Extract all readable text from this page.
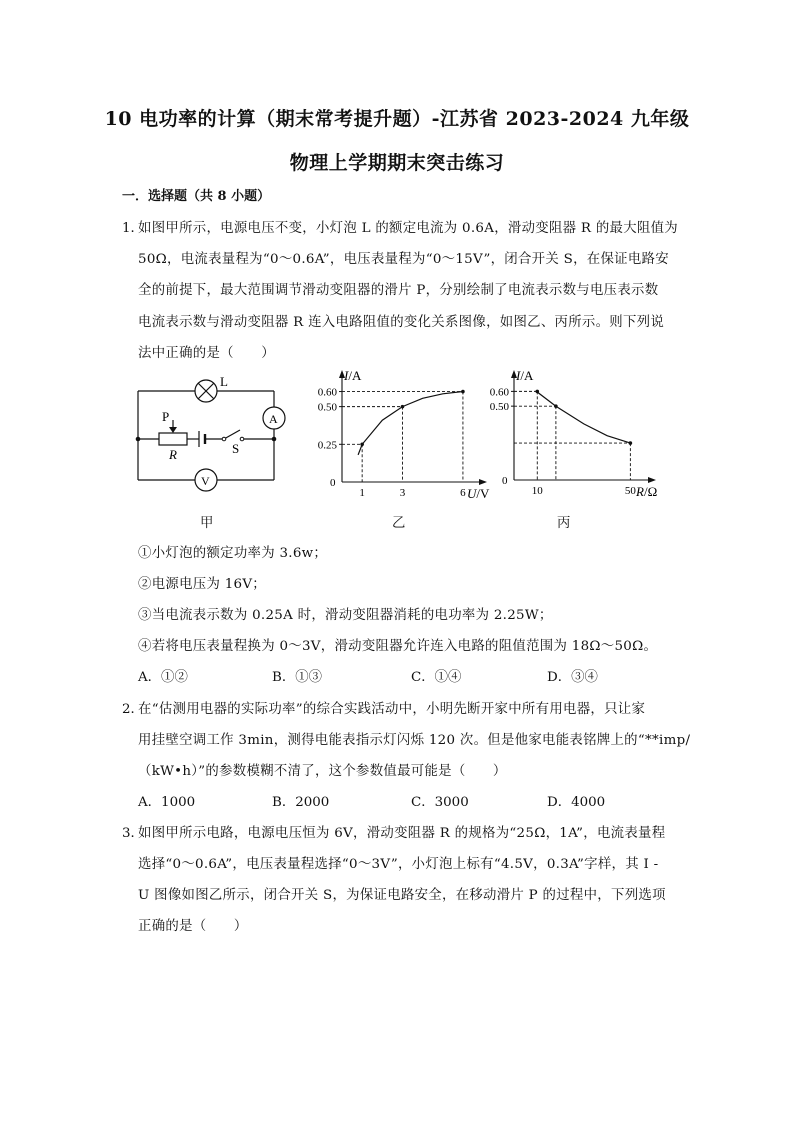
10 电功率的计算（期末常考提升题）-江苏省 2023-2024 九年级
物理上学期期末突击练习
一．选择题（共 8 小题）
1．
如图甲所示，电源电压不变，小灯泡 L 的额定电流为 0.6A，滑动变阻器 R 的最大阻值为
50Ω，电流表量程为“0～0.6A”，电压表量程为“0～15V”，闭合开关 S，在保证电路安
全的前提下，最大范围调节滑动变阻器的滑片 P，分别绘制了电流表示数与电压表示数
电流表示数与滑动变阻器 R 连入电路阻值的变化关系图像，如图乙、丙所示。则下列说
法中正确的是（　　）
L
A
V
P
R	S
I/A
U/V
0
1	3	6
0.25
0.50
0.60
I/A
R/Ω
0
10	50
0.50
0.60
甲	乙	丙
①小灯泡的额定功率为 3.6w；
②电源电压为 16V；
③当电流表示数为 0.25A 时，滑动变阻器消耗的电功率为 2.25W；
④若将电压表量程换为 0～3V，滑动变阻器允许连入电路的阻值范围为 18Ω～50Ω。
A．①②	B．①③	C．①④	D．③④
2．
在“估测用电器的实际功率”的综合实践活动中，小明先断开家中所有用电器，只让家
用挂壁空调工作 3min，测得电能表指示灯闪烁 120 次。但是他家电能表铭牌上的“**imp/
（kW•h）”的参数模糊不清了，这个参数值最可能是（　　）
A．1000	B．2000	C．3000	D．4000
3．
如图甲所示电路，电源电压恒为 6V，滑动变阻器 R 的规格为“25Ω，1A”，电流表量程
选择“0～0.6A”，电压表量程选择“0～3V”，小灯泡上标有“4.5V，0.3A”字样，其 I -
U 图像如图乙所示，闭合开关 S，为保证电路安全，在移动滑片 P 的过程中，下列选项
正确的是（　　）
